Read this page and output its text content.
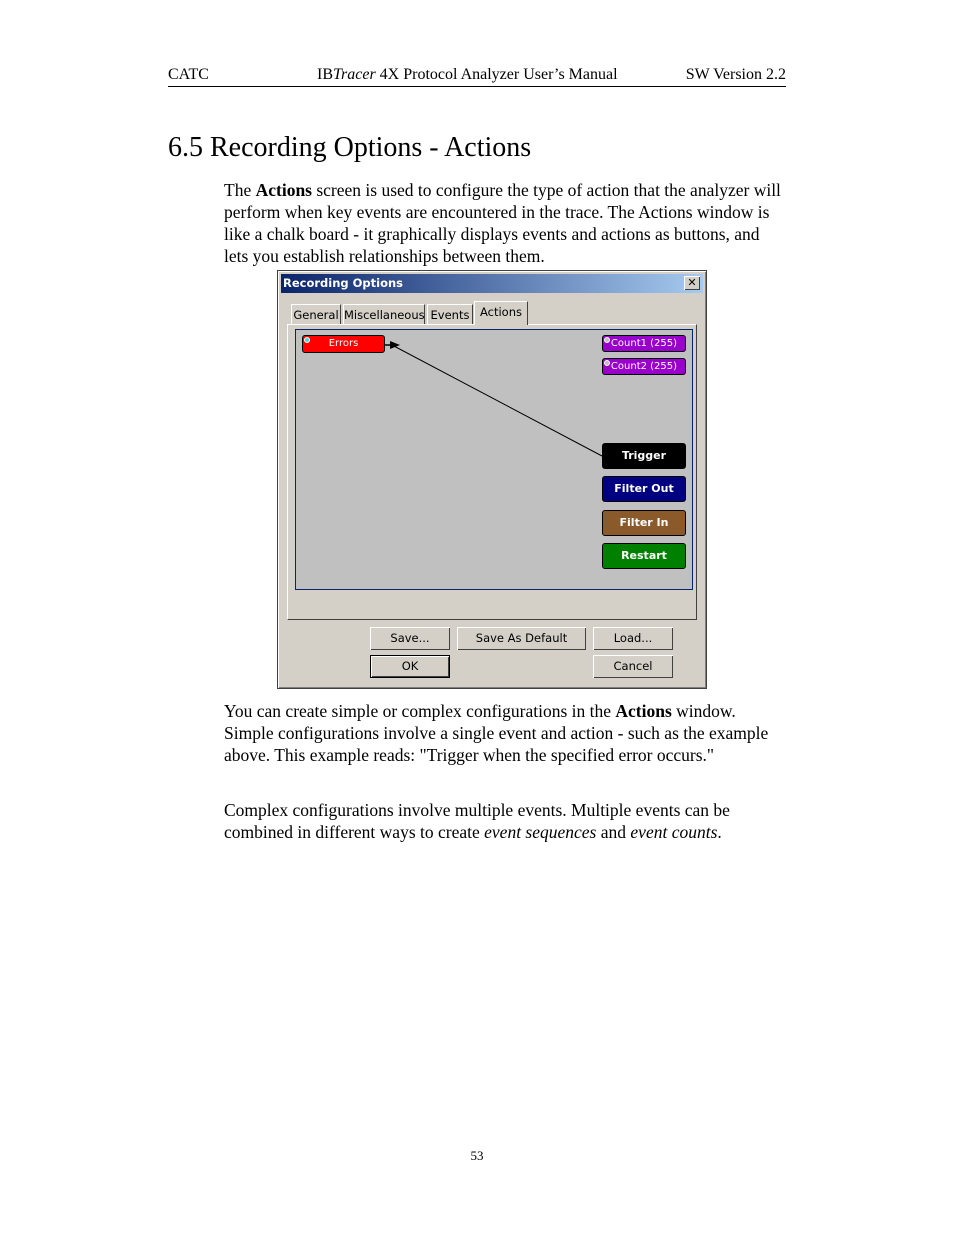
CATC	IBTracer 4X Protocol Analyzer User’s Manual	SW Version 2.2
6.5 Recording Options - Actions
The Actions screen is used to configure the type of action that the analyzer will perform when key events are encountered in the trace. The Actions window is like a chalk board - it graphically displays events and actions as buttons, and lets you establish relationships between them.
Recording Options	✕
General Miscellaneous Events Actions
Errors	Count1 (255)
Count2 (255)
Trigger
Filter Out
Filter In
Restart
Save...	Save As Default	Load...
OK	Cancel
You can create simple or complex configurations in the Actions window. Simple configurations involve a single event and action - such as the example above. This example reads: "Trigger when the specified error occurs."
Complex configurations involve multiple events. Multiple events can be combined in different ways to create event sequences and event counts.
53
